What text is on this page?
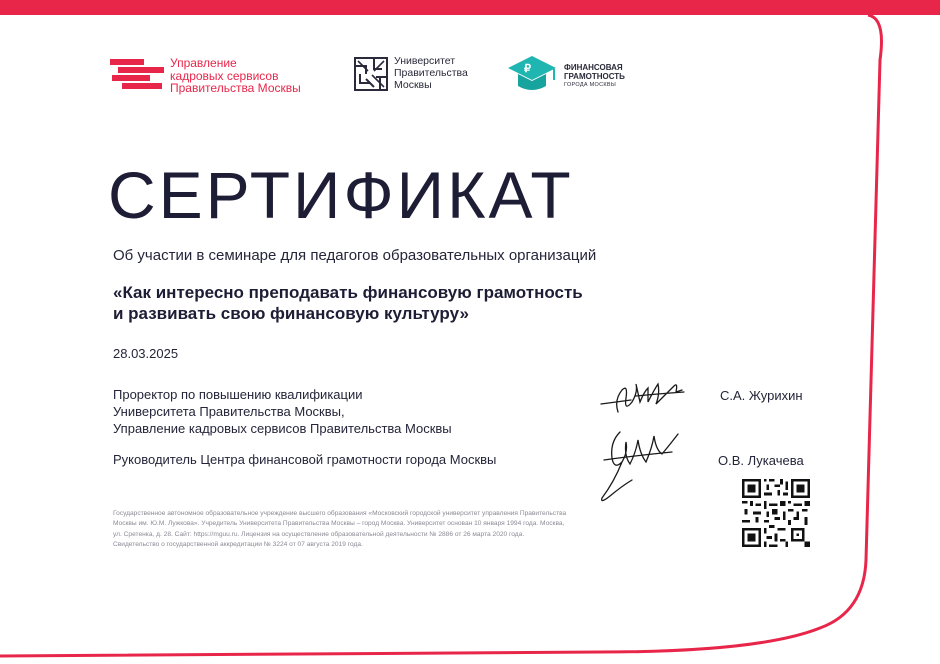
Управление
кадровых сервисов
Правительства Москвы
Университет
Правительства
Москвы
₽	ФИНАНСОВАЯ
ГРАМОТНОСТЬ
ГОРОДА МОСКВЫ
СЕРТИФИКАТ
Об участии в семинаре для педагогов образовательных организаций
«Как интересно преподавать финансовую грамотность
и развивать свою финансовую культуру»
28.03.2025
Проректор по повышению квалификации
Университета Правительства Москвы,
Управление кадровых сервисов Правительства Москвы
С.А. Журихин
Руководитель Центра финансовой грамотности города Москвы	О.В. Лукачева
Государственное автономное образовательное учреждение высшего образования «Московский городской университет управления Правительства
Москвы им. Ю.М. Лужкова». Учредитель Университета Правительства Москвы – город Москва. Университет основан 10 января 1994 года. Москва,
ул. Сретенка, д. 28. Сайт: https://mguu.ru. Лицензия на осуществление образовательной деятельности № 2886 от 26 марта 2020 года.
Свидетельство о государственной аккредитации № 3224 от 07 августа 2019 года.
